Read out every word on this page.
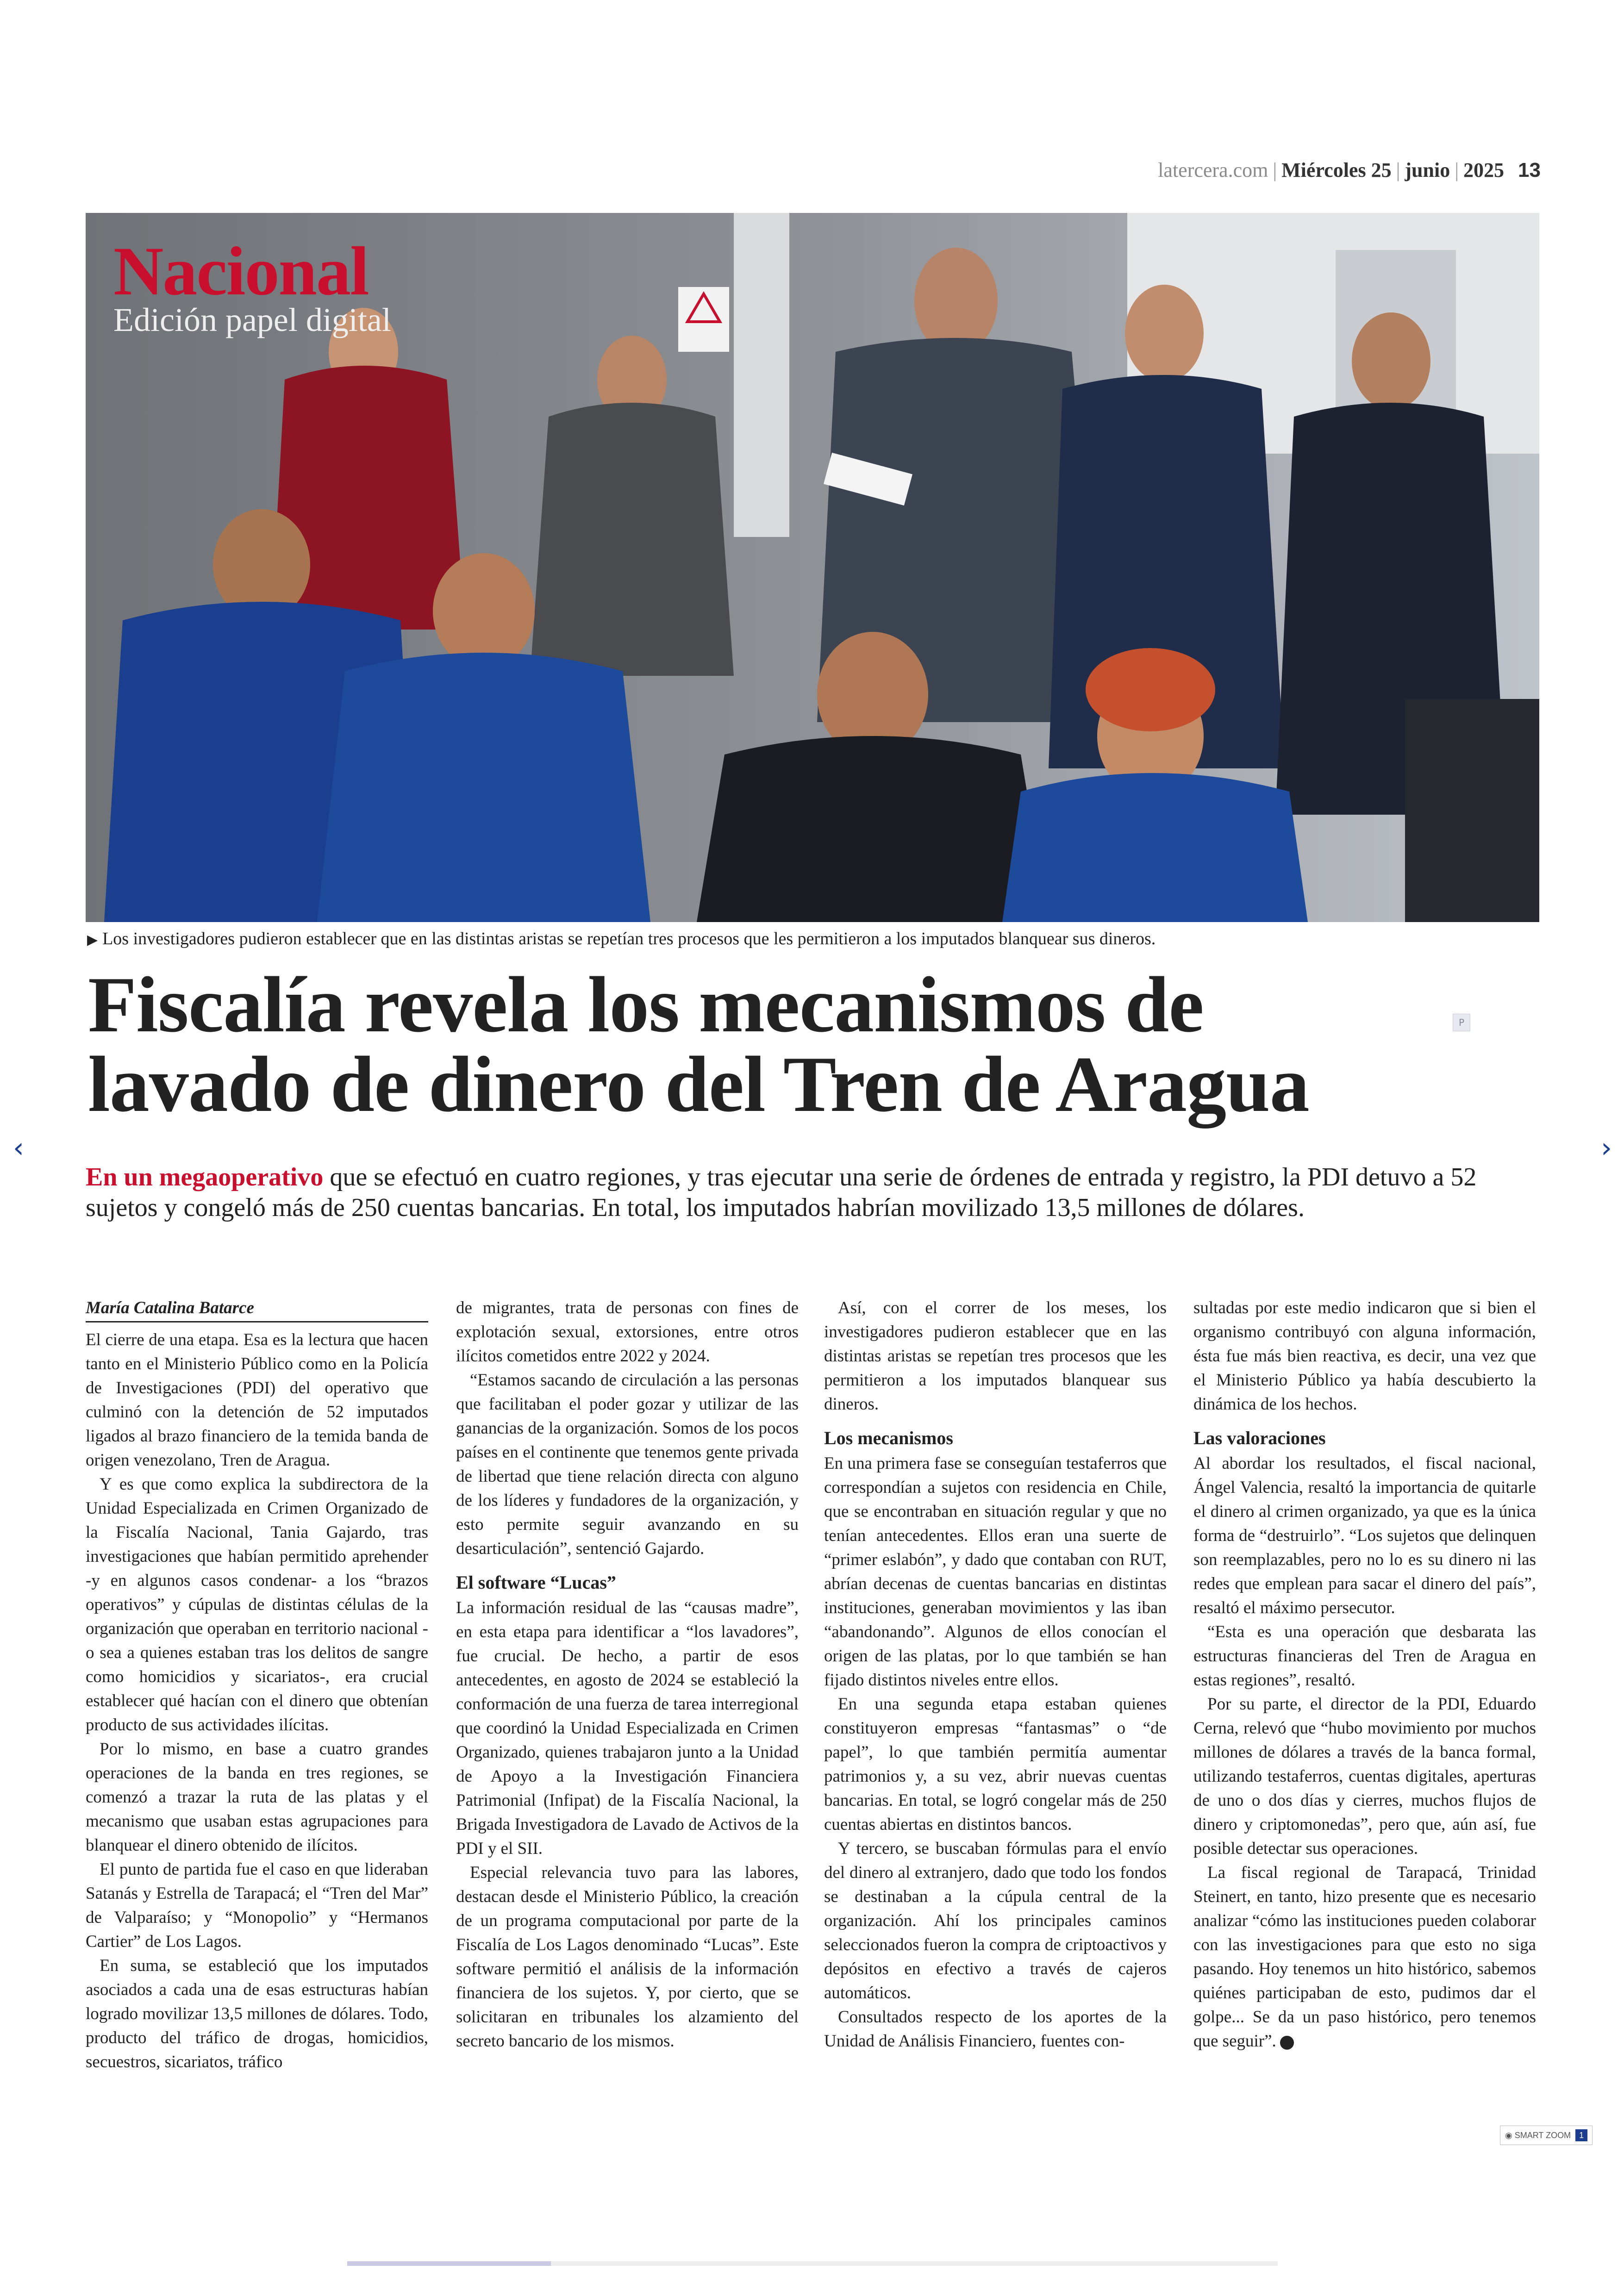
latercera.com | Miércoles 25 | junio | 2025 13
Nacional
Edición papel digital
▶ Los investigadores pudieron establecer que en las distintas aristas se repetían tres procesos que les permitieron a los imputados blanquear sus dineros.
Fiscalía revela los mecanismos de
lavado de dinero del Tren de Aragua
P
‹	›
En un megaoperativo que se efectuó en cuatro regiones, y tras ejecutar una serie de órdenes de entrada y registro, la PDI detuvo a 52 sujetos y congeló más de 250 cuentas bancarias. En total, los imputados habrían movilizado 13,5 millones de dólares.
María Catalina Batarce

El cierre de una etapa. Esa es la lectura que hacen tanto en el Ministerio Público como en la Policía de Investigaciones (PDI) del operativo que culminó con la detención de 52 imputados ligados al brazo financiero de la temida banda de origen venezolano, Tren de Aragua.

Y es que como explica la subdirectora de la Unidad Especializada en Crimen Organizado de la Fiscalía Nacional, Tania Gajardo, tras investigaciones que habían permitido aprehender -y en algunos casos condenar- a los “brazos operativos” y cúpulas de distintas células de la organización que operaban en territorio nacional -o sea a quienes estaban tras los delitos de sangre como homicidios y sicariatos-, era crucial establecer qué hacían con el dinero que obtenían producto de sus actividades ilícitas.

Por lo mismo, en base a cuatro grandes operaciones de la banda en tres regiones, se comenzó a trazar la ruta de las platas y el mecanismo que usaban estas agrupaciones para blanquear el dinero obtenido de ilícitos.

El punto de partida fue el caso en que lideraban Satanás y Estrella de Tarapacá; el “Tren del Mar” de Valparaíso; y “Monopolio” y “Hermanos Cartier” de Los Lagos.

En suma, se estableció que los imputados asociados a cada una de esas estructuras habían logrado movilizar 13,5 millones de dólares. Todo, producto del tráfico de drogas, homicidios, secuestros, sicariatos, tráfico

de migrantes, trata de personas con fines de explotación sexual, extorsiones, entre otros ilícitos cometidos entre 2022 y 2024.

“Estamos sacando de circulación a las personas que facilitaban el poder gozar y utilizar de las ganancias de la organización. Somos de los pocos países en el continente que tenemos gente privada de libertad que tiene relación directa con alguno de los líderes y fundadores de la organización, y esto permite seguir avanzando en su desarticulación”, sentenció Gajardo.

El software “Lucas”

La información residual de las “causas madre”, en esta etapa para identificar a “los lavadores”, fue crucial. De hecho, a partir de esos antecedentes, en agosto de 2024 se estableció la conformación de una fuerza de tarea interregional que coordinó la Unidad Especializada en Crimen Organizado, quienes trabajaron junto a la Unidad de Apoyo a la Investigación Financiera Patrimonial (Infipat) de la Fiscalía Nacional, la Brigada Investigadora de Lavado de Activos de la PDI y el SII.

Especial relevancia tuvo para las labores, destacan desde el Ministerio Público, la creación de un programa computacional por parte de la Fiscalía de Los Lagos denominado “Lucas”. Este software permitió el análisis de la información financiera de los sujetos. Y, por cierto, que se solicitaran en tribunales los alzamiento del secreto bancario de los mismos.

Así, con el correr de los meses, los investigadores pudieron establecer que en las distintas aristas se repetían tres procesos que les permitieron a los imputados blanquear sus dineros.

Los mecanismos

En una primera fase se conseguían testaferros que correspondían a sujetos con residencia en Chile, que se encontraban en situación regular y que no tenían antecedentes. Ellos eran una suerte de “primer eslabón”, y dado que contaban con RUT, abrían decenas de cuentas bancarias en distintas instituciones, generaban movimientos y las iban “abandonando”. Algunos de ellos conocían el origen de las platas, por lo que también se han fijado distintos niveles entre ellos.

En una segunda etapa estaban quienes constituyeron empresas “fantasmas” o “de papel”, lo que también permitía aumentar patrimonios y, a su vez, abrir nuevas cuentas bancarias. En total, se logró congelar más de 250 cuentas abiertas en distintos bancos.

Y tercero, se buscaban fórmulas para el envío del dinero al extranjero, dado que todo los fondos se destinaban a la cúpula central de la organización. Ahí los principales caminos seleccionados fueron la compra de criptoactivos y depósitos en efectivo a través de cajeros automáticos.

Consultados respecto de los aportes de la Unidad de Análisis Financiero, fuentes con-

sultadas por este medio indicaron que si bien el organismo contribuyó con alguna información, ésta fue más bien reactiva, es decir, una vez que el Ministerio Público ya había descubierto la dinámica de los hechos.

Las valoraciones

Al abordar los resultados, el fiscal nacional, Ángel Valencia, resaltó la importancia de quitarle el dinero al crimen organizado, ya que es la única forma de “destruirlo”. “Los sujetos que delinquen son reemplazables, pero no lo es su dinero ni las redes que emplean para sacar el dinero del país”, resaltó el máximo persecutor.

“Esta es una operación que desbarata las estructuras financieras del Tren de Aragua en estas regiones”, resaltó.

Por su parte, el director de la PDI, Eduardo Cerna, relevó que “hubo movimiento por muchos millones de dólares a través de la banca formal, utilizando testaferros, cuentas digitales, aperturas de uno o dos días y cierres, muchos flujos de dinero y criptomonedas”, pero que, aún así, fue posible detectar sus operaciones.

La fiscal regional de Tarapacá, Trinidad Steinert, en tanto, hizo presente que es necesario analizar “cómo las instituciones pueden colaborar con las investigaciones para que esto no siga pasando. Hoy tenemos un hito histórico, sabemos quiénes participaban de esto, pudimos dar el golpe... Se da un paso histórico, pero tenemos que seguir”.

◉ SMART ZOOM 1
